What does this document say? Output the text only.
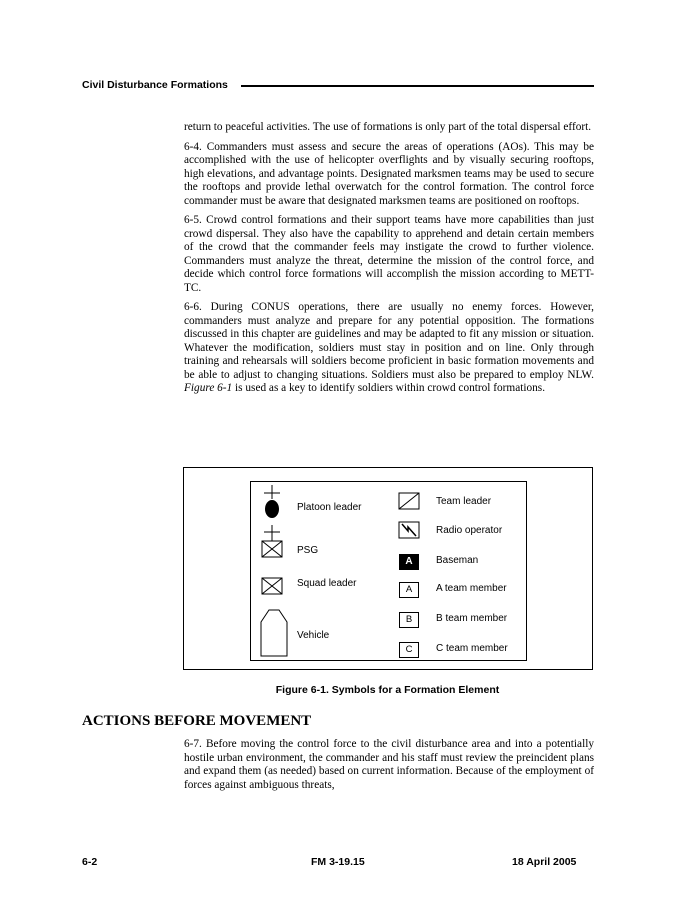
Civil Disturbance Formations

return to peaceful activities. The use of formations is only part of the total dispersal effort.

6-4. Commanders must assess and secure the areas of operations (AOs). This may be accomplished with the use of helicopter overflights and by visually securing rooftops, high elevations, and advantage points. Designated marksmen teams may be used to secure the rooftops and provide lethal overwatch for the control formation. The control force commander must be aware that designated marksmen teams are positioned on rooftops.

6-5. Crowd control formations and their support teams have more capabilities than just crowd dispersal. They also have the capability to apprehend and detain certain members of the crowd that the commander feels may instigate the crowd to further violence. Commanders must analyze the threat, determine the mission of the control force, and decide which control force formations will accomplish the mission according to METT-TC.

6-6. During CONUS operations, there are usually no enemy forces. However, commanders must analyze and prepare for any potential opposition. The formations discussed in this chapter are guidelines and may be adapted to fit any mission or situation. Whatever the modification, soldiers must stay in position and on line. Only through training and rehearsals will soldiers become proficient in basic formation movements and be able to adjust to changing situations. Soldiers must also be prepared to employ NLW. Figure 6-1 is used as a key to identify soldiers within crowd control formations.

Platoon leader
PSG
Squad leader
Vehicle
Team leader
Radio operator
A	Baseman
A	A team member
B	B team member
C	C team member
Figure 6-1. Symbols for a Formation Element
ACTIONS BEFORE MOVEMENT

6-7. Before moving the control force to the civil disturbance area and into a potentially hostile urban environment, the commander and his staff must review the preincident plans and expand them (as needed) based on current information. Because of the employment of forces against ambiguous threats,

6-2	FM 3-19.15	18 April 2005
